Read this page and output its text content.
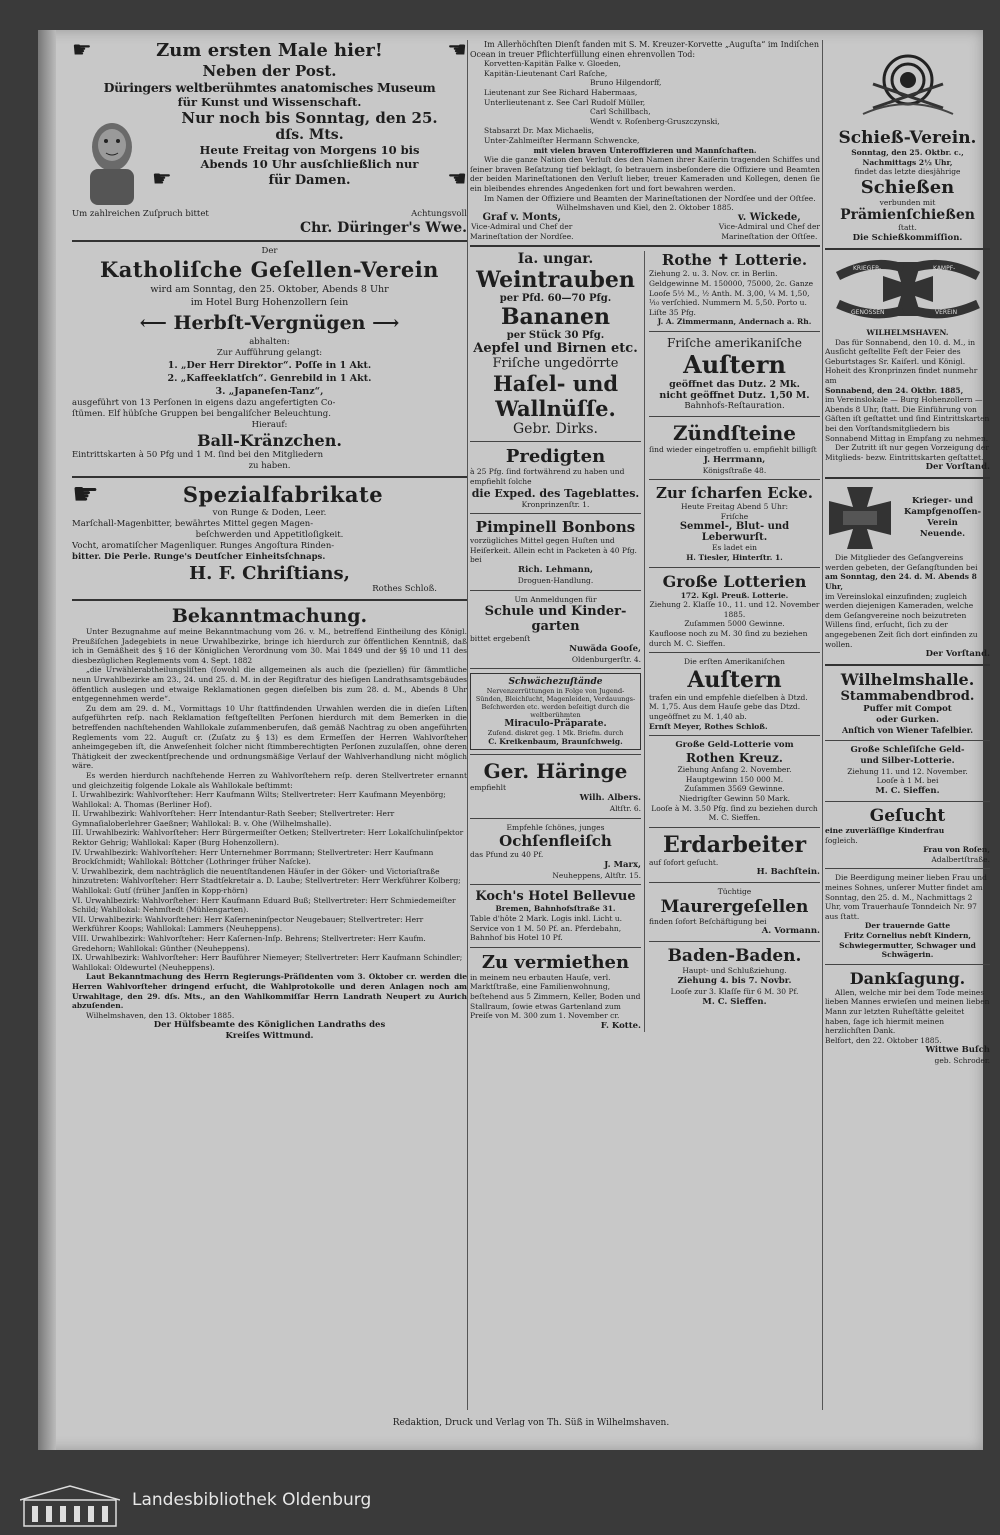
☛	Zum ersten Male hier!	☚
Neben der Post.
Düringers weltberühmtes anatomisches Museum
für Kunst und Wissenschaft.
Nur noch bis Sonntag, den 25.
dſs. Mts.
Heute Freitag von Morgens 10 bis
Abends 10 Uhr ausſchließlich nur
☛	für Damen.	☚
Um zahlreichen Zuſpruch bittet	Achtungsvoll
Chr. Düringer's Wwe.
Der
Katholiſche Geſellen-Verein
wird am Sonntag, den 25. Oktober, Abends 8 Uhr
im Hotel Burg Hohenzollern ſein
⟵ Herbſt-Vergnügen ⟶
abhalten:
Zur Aufführung gelangt:
1. „Der Herr Direktor“. Poſſe in 1 Akt.
2. „Kaffeeklatſch“. Genrebild in 1 Akt.
3. „Japaneſen-Tanz“,
ausgeführt von 13 Perſonen in eigens dazu angefertigten Co-
ſtümen. Elf hübſche Gruppen bei bengaliſcher Beleuchtung.
Hierauf:
Ball-Kränzchen.
Eintrittskarten à 50 Pfg und 1 M. ſind bei den Mitgliedern
zu haben.
☛	Spezialfabrikate
von Runge & Doden, Leer.
Marſchall-Magenbitter, bewährtes Mittel gegen Magen-
beſchwerden und Appetitloſigkeit.
Vocht, aromatiſcher Magenliquer. Runges Angoſtura Rinden-
bitter. Die Perle. Runge's Deutſcher Einheitsſchnaps.
H. F. Chriſtians,
Rothes Schloß.
Bekanntmachung.
Unter Bezugnahme auf meine Bekanntmachung vom 26. v. M., betreffend Eintheilung des Königl. Preußiſchen Jadegebiets in neue Urwahlbezirke, bringe ich hierdurch zur öffentlichen Kenntniß, daß ich in Gemäßheit des § 16 der Königlichen Verordnung vom 30. Mai 1849 und der §§ 10 und 11 des diesbezüglichen Reglements vom 4. Sept. 1882
„die Urwählerabtheilungsliſten (ſowohl die allgemeinen als auch die ſpeziellen) für ſämmtliche neun Urwahlbezirke am 23., 24. und 25. d. M. in der Regiſtratur des hieſigen Landrathsamtsgebäudes öffentlich auslegen und etwaige Reklamationen gegen dieſelben bis zum 28. d. M., Abends 8 Uhr entgegennehmen werde“.
Zu dem am 29. d. M., Vormittags 10 Uhr ſtattfindenden Urwahlen werden die in dieſen Liſten aufgeführten reſp. nach Reklamation feſtgeſtellten Perſonen hierdurch mit dem Bemerken in die betreffenden nachſtehenden Wahllokale zuſammenberufen, daß gemäß Nachtrag zu oben angeführten Reglements vom 22. Auguſt cr. (Zuſatz zu § 13) es dem Ermeſſen der Herren Wahlvorſteher anheimgegeben iſt, die Anweſenheit ſolcher nicht ſtimmberechtigten Perſonen zuzulaſſen, ohne deren Thätigkeit der zweckentſprechende und ordnungsmäßige Verlauf der Wahlverhandlung nicht möglich wäre.
Es werden hierdurch nachſtehende Herren zu Wahlvorſtehern reſp. deren Stellvertreter ernannt und gleichzeitig folgende Lokale als Wahllokale beſtimmt:
I. Urwahlbezirk: Wahlvorſteher: Herr Kaufmann Wilts; Stellvertreter: Herr Kaufmann Meyenbörg; Wahllokal: A. Thomas (Berliner Hof).
II. Urwahlbezirk: Wahlvorſteher: Herr Intendantur-Rath Seeber; Stellvertreter: Herr Gymnaſialoberlehrer Gaeßner; Wahllokal: B. v. Ohe (Wilhelmshalle).
III. Urwahlbezirk: Wahlvorſteher: Herr Bürgermeiſter Oetken; Stellvertreter: Herr Lokalſchulinſpektor Rektor Gehrig; Wahllokal: Kaper (Burg Hohenzollern).
IV. Urwahlbezirk: Wahlvorſteher: Herr Unternehmer Borrmann; Stellvertreter: Herr Kaufmann Brockſchmidt; Wahllokal: Böttcher (Lothringer früher Naſcke).
V. Urwahlbezirk, dem nachträglich die neuentſtandenen Häuſer in der Göker- und Victoriaſtraße hinzutreten: Wahlvorſteher: Herr Stadtſekretair a. D. Laube; Stellvertreter: Herr Werkführer Kolberg; Wahllokal: Gutſ (früher Janſſen in Kopp-rhörn)
VI. Urwahlbezirk: Wahlvorſteher: Herr Kaufmann Eduard Buß; Stellvertreter: Herr Schmiedemeiſter Schild; Wahllokal: Nehmſtedt (Mühlengarten).
VII. Urwahlbezirk: Wahlvorſteher: Herr Kaſerneninſpector Neugebauer; Stellvertreter: Herr Werkführer Koops; Wahllokal: Lammers (Neuheppens).
VIII. Urwahlbezirk: Wahlvorſteher: Herr Kaſernen-Inſp. Behrens; Stellvertreter: Herr Kaufm. Gredehorn; Wahllokal: Günther (Neuheppens).
IX. Urwahlbezirk: Wahlvorſteher: Herr Bauführer Niemeyer; Stellvertreter: Herr Kaufmann Schindler; Wahllokal: Oldewurtel (Neuheppens).
Laut Bekanntmachung des Herrn Regierungs-Präſidenten vom 3. Oktober cr. werden die Herren Wahlvorſteher dringend erſucht, die Wahlprotokolle und deren Anlagen noch am Urwahltage, den 29. dſs. Mts., an den Wahlkommiſſar Herrn Landrath Neupert zu Aurich abzuſenden.
Wilhelmshaven, den 13. Oktober 1885.
Der Hülfsbeamte des Königlichen Landraths des
Kreiſes Wittmund.
Im Allerhöchſten Dienſt fanden mit S. M. Kreuzer-Korvette „Auguſta“ im Indiſchen Ocean in treuer Pflichterfüllung einen ehrenvollen Tod:
Korvetten-Kapitän Falke v. Gloeden,
Kapitän-Lieutenant Carl Raſche,
Bruno Hilgendorff,
Lieutenant zur See Richard Habermaas,
Unterlieutenant z. See Carl Rudolf Müller,
Carl Schillbach,
Wendt v. Roſenberg-Gruszczynski,
Stabsarzt Dr. Max Michaelis,
Unter-Zahlmeiſter Hermann Schwencke,
mit vielen braven Unteroffizieren und Mannſchaften.
Wie die ganze Nation den Verluſt des den Namen ihrer Kaiſerin tragenden Schiffes und ſeiner braven Beſatzung tief beklagt, ſo betrauern insbeſondere die Offiziere und Beamten der beiden Marineſtationen den Verluſt lieber, treuer Kameraden und Kollegen, denen ſie ein bleibendes ehrendes Angedenken fort und fort bewahren werden.
Im Namen der Offiziere und Beamten der Marineſtationen der Nordſee und der Oſtſee.
Wilhelmshaven und Kiel, den 2. Oktober 1885.
Graf v. Monts,
Vice-Admiral und Chef der
Marineſtation der Nordſee.
v. Wickede,
Vice-Admiral und Chef der
Marineſtation der Oſtſee.
Ia. ungar.
Weintrauben
per Pfd. 60—70 Pfg.
Bananen
per Stück 30 Pfg.
Aepfel und Birnen etc.
Friſche ungedörrte
Haſel- und
Wallnüſſe.
Gebr. Dirks.
Predigten
à 25 Pfg. ſind fortwährend zu haben und empfiehlt ſolche
die Exped. des Tageblattes.
Kronprinzenſtr. 1.
Pimpinell Bonbons
vorzügliches Mittel gegen Huſten und Heiſerkeit. Allein echt in Packeten à 40 Pfg. bei
Rich. Lehmann,
Droguen-Handlung.
Um Anmeldungen für
Schule und Kinder-
garten
bittet ergebenſt
Nuwäda Gooſe,
Oldenburgerſtr. 4.
Schwächezuſtände
Nervenzerrüttungen in Folge von Jugend-Sünden, Bleichſucht, Magenleiden, Verdauungs-Beſchwerden etc. werden beſeitigt durch die weltberühmten
Miraculo-Präparate.
Zuſend. diskret geg. 1 Mk. Briefm. durch
C. Kreikenbaum, Braunſchweig.
Ger. Häringe
empfiehlt
Wilh. Albers.
Altſtr. 6.
Empfehle ſchönes, junges
Ochſenfleiſch
das Pfund zu 40 Pf.
J. Marx,
Neuheppens, Altſtr. 15.
Koch's Hotel Bellevue
Bremen, Bahnhofsſtraße 31.
Table d'hôte 2 Mark. Logis inkl. Licht u. Service von 1 M. 50 Pf. an. Pferdebahn, Bahnhof bis Hotel 10 Pf.
Zu vermiethen
in meinem neu erbauten Hauſe, verl. Marktſtraße, eine Familienwohnung, beſtehend aus 5 Zimmern, Keller, Boden und Stallraum, ſowie etwas Gartenland zum Preiſe von M. 300 zum 1. November cr.
F. Kotte.
Rothe ✝ Lotterie.
Ziehung 2. u. 3. Nov. cr. in Berlin.
Geldgewinne M. 150000, 75000, 2c. Ganze Looſe 5½ M., ½ Anth. M. 3,00, ¼ M. 1,50, ¹⁄₁₀ verſchied. Nummern M. 5,50. Porto u. Liſte 35 Pfg.
J. A. Zimmermann, Andernach a. Rh.
Friſche amerikaniſche
Auſtern
geöffnet das Dutz. 2 Mk.
nicht geöffnet Dutz. 1,50 M.
Bahnhofs-Reſtauration.
Zündſteine
ſind wieder eingetroffen u. empfiehlt billigſt
J. Herrmann,
Königsſtraße 48.
Zur ſcharfen Ecke.
Heute Freitag Abend 5 Uhr:
Friſche
Semmel-, Blut- und
Leberwurſt.
Es ladet ein
H. Tiesler, Hinterſtr. 1.
Große Lotterien
172. Kgl. Preuß. Lotterie.
Ziehung 2. Klaſſe 10., 11. und 12. November 1885.
Zuſammen 5000 Gewinne.
Kaufloose noch zu M. 30 ſind zu beziehen durch M. C. Sieffen.
Die erſten Amerikaniſchen
Auſtern
trafen ein und empfehle dieſelben à Dtzd. M. 1,75. Aus dem Hauſe gebe das Dtzd. ungeöffnet zu M. 1,40 ab.
Ernſt Meyer, Rothes Schloß.
Große Geld-Lotterie vom
Rothen Kreuz.
Ziehung Anfang 2. November.
Hauptgewinn 150 000 M.
Zuſammen 3569 Gewinne.
Niedrigſter Gewinn 50 Mark.
Looſe à M. 3.50 Pfg. ſind zu beziehen durch M. C. Sieffen.
Erdarbeiter
auf ſofort geſucht.
H. Bachſtein.
Tüchtige
Maurergeſellen
finden ſofort Beſchäftigung bei
A. Vormann.
Baden-Baden.
Haupt- und Schlußziehung.
Ziehung 4. bis 7. Novbr.
Looſe zur 3. Klaſſe für 6 M. 30 Pf.
M. C. Sieffen.
Schieß-Verein.
Sonntag, den 25. Oktbr. c., Nachmittags 2½ Uhr,
findet das letzte diesjährige
Schießen
verbunden mit
Prämienſchießen
ſtatt.
Die Schießkommiſſion.
KRIEGER-	KAMPF-
GENOSSEN	VEREIN
WILHELMSHAVEN.
Das für Sonnabend, den 10. d. M., in Ausſicht geſtellte Feſt der Feier des Geburtstages Sr. Kaiſerl. und Königl. Hoheit des Kronprinzen findet nunmehr am
Sonnabend, den 24. Oktbr. 1885,
im Vereinslokale — Burg Hohenzollern — Abends 8 Uhr, ſtatt. Die Einführung von Gäſten iſt geſtattet und ſind Eintrittskarten bei den Vorſtandsmitgliedern bis Sonnabend Mittag in Empfang zu nehmen.
Der Zutritt iſt nur gegen Vorzeigung der Mitglieds- bezw. Eintrittskarten geſtattet.
Der Vorſtand.
Krieger- und
Kampfgenoſſen-
Verein
Neuende.
Die Mitglieder des Geſangvereins werden gebeten, der Geſangſtunden bei
am Sonntag, den 24. d. M. Abends 8 Uhr,
im Vereinslokal einzufinden; zugleich werden diejenigen Kameraden, welche dem Geſangvereine noch beizutreten Willens ſind, erſucht, ſich zu der angegebenen Zeit ſich dort einfinden zu wollen.
Der Vorſtand.
Wilhelmshalle.
Stammabendbrod.
Puffer mit Compot
oder Gurken.
Anſtich von Wiener Tafelbier.
Große Schleſiſche Geld-
und Silber-Lotterie.
Ziehung 11. und 12. November.
Looſe à 1 M. bei
M. C. Sieffen.
Geſucht
eine zuverläſſige Kinderfrau
ſogleich.
Frau von Roſen,
Adalbertſtraße.
Die Beerdigung meiner lieben Frau und meines Sohnes, unſerer Mutter findet am Sonntag, den 25. d. M., Nachmittags 2 Uhr, vom Trauerhauſe Tonndeich Nr. 97 aus ſtatt.
Der trauernde Gatte
Fritz Cornelius nebſt Kindern,
Schwiegermutter, Schwager und Schwägerin.
Dankſagung.
Allen, welche mir bei dem Tode meines lieben Mannes erwieſen und meinen lieben Mann zur letzten Ruheſtätte geleitet haben, ſage ich hiermit meinen herzlichſten Dank.
Belfort, den 22. Oktober 1885.
Wittwe Buſch
geb. Schroder.
Redaktion, Druck und Verlag von Th. Süß in Wilhelmshaven.
Landesbibliothek Oldenburg
